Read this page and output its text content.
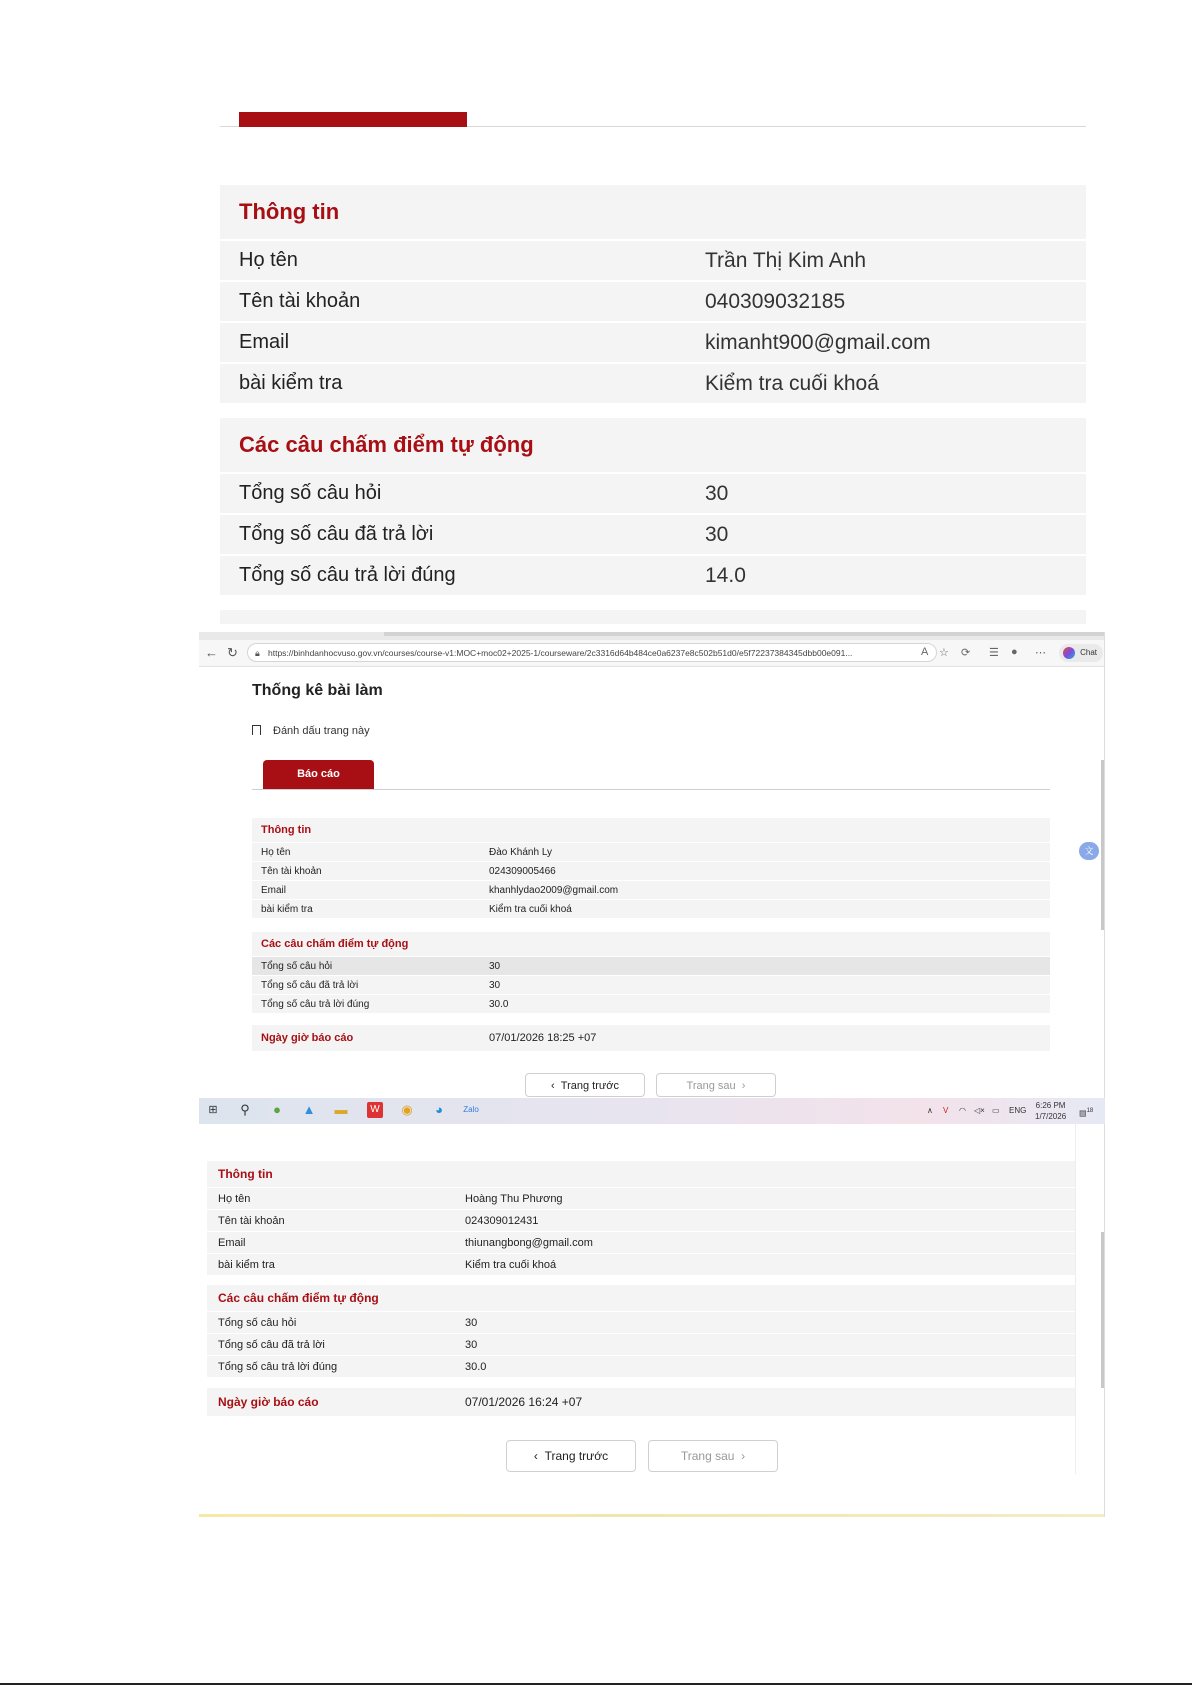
Thông tin
Họ tên	Trần Thị Kim Anh
Tên tài khoản	040309032185
Email	kimanht900@gmail.com
bài kiểm tra	Kiểm tra cuối khoá
Các câu chấm điểm tự động
Tổng số câu hỏi	30
Tổng số câu đã trả lời	30
Tổng số câu trả lời đúng	14.0
← ↻ 🔒︎ https://binhdanhocvuso.gov.vn/courses/course-v1:MOC+moc02+2025-1/courseware/2c3316d64b484ce0a6237e8c502b51d0/e5f72237384345dbb00e091...	A ☆ ⟳ ☰ ● ⋯	Chat
Thống kê bài làm
Đánh dấu trang này
Báo cáo
文
Thông tin
Họ tên	Đào Khánh Ly
Tên tài khoản	024309005466
Email	khanhlydao2009@gmail.com
bài kiểm tra	Kiểm tra cuối khoá
Các câu chấm điểm tự động
Tổng số câu hỏi	30
Tổng số câu đã trả lời	30
Tổng số câu trả lời đúng	30.0
Ngày giờ báo cáo	07/01/2026 18:25 +07
‹ Trang trước	Trang sau ›
⊞ ⚲	●	▲ ▬	W ◉	◕	Zalo	∧ V ◠ ◁× ▭ ENG
6:26 PM
1/7/2026 ▤$^{18}$
Thông tin
Họ tên	Hoàng Thu Phương
Tên tài khoản	024309012431
Email	thiunangbong@gmail.com
bài kiểm tra	Kiểm tra cuối khoá
Các câu chấm điểm tự động
Tổng số câu hỏi	30
Tổng số câu đã trả lời	30
Tổng số câu trả lời đúng	30.0
Ngày giờ báo cáo	07/01/2026 16:24 +07
‹ Trang trước	Trang sau ›
